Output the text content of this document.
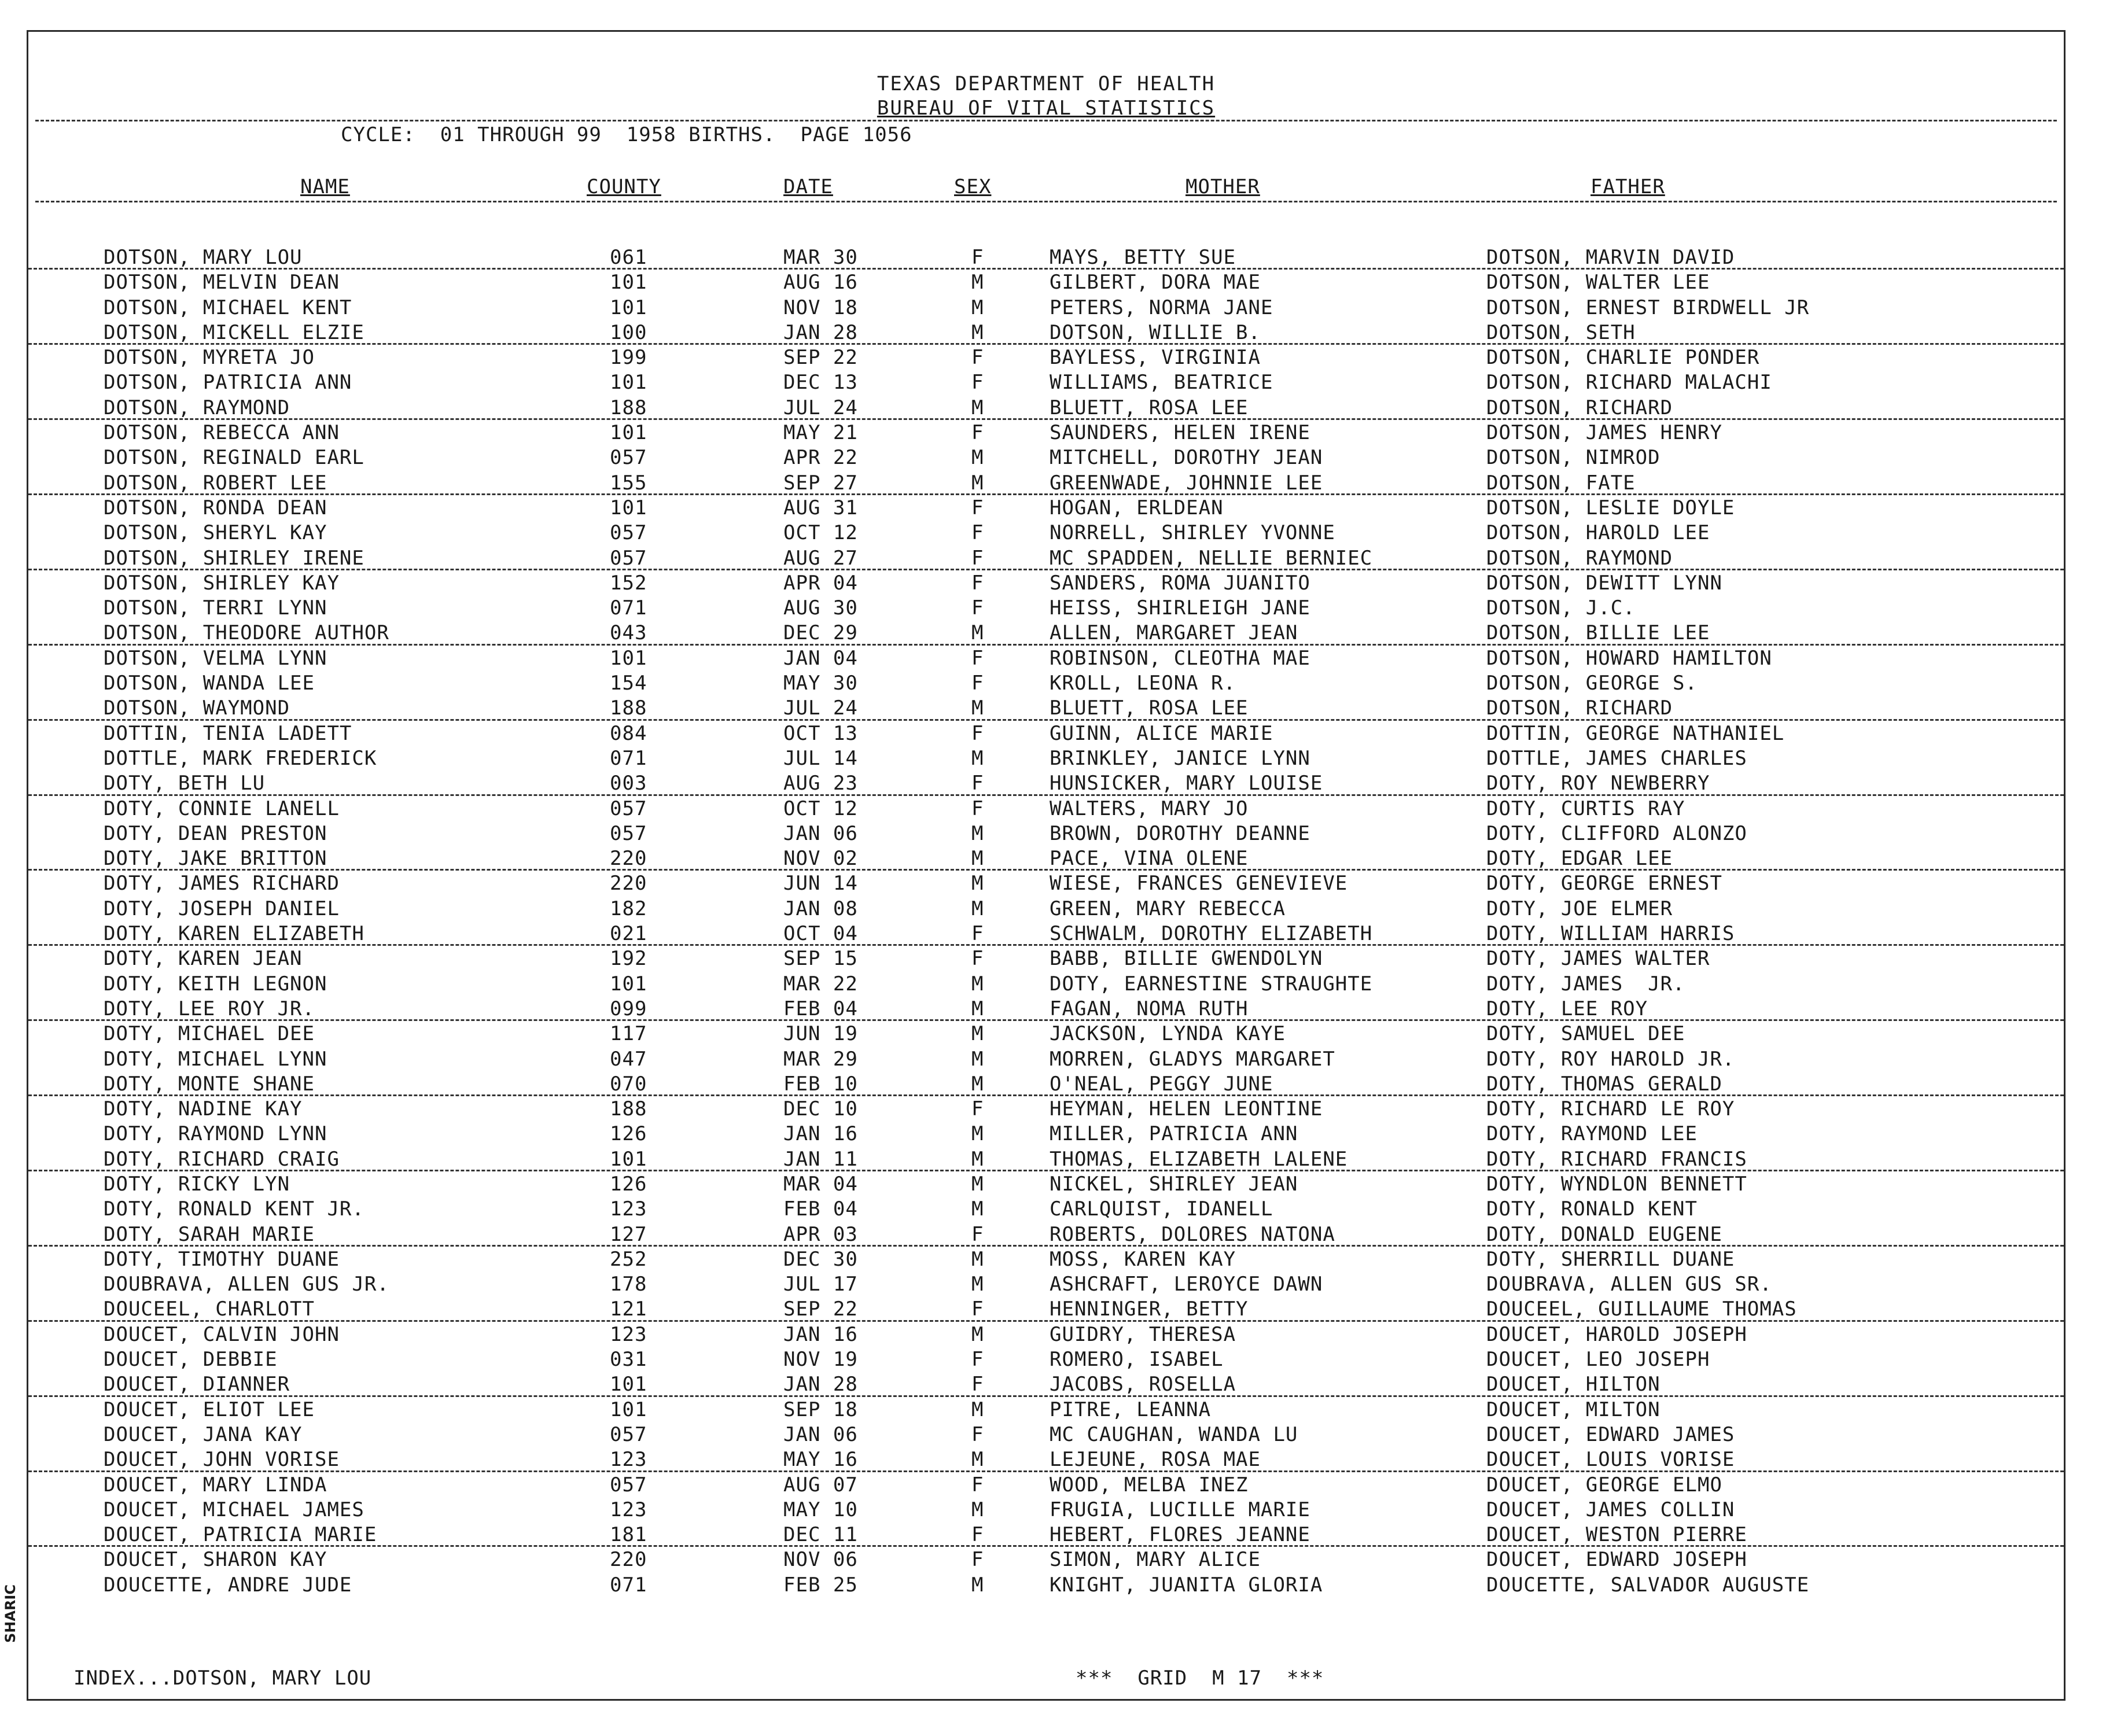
TEXAS DEPARTMENT OF HEALTH
BUREAU OF VITAL STATISTICS
CYCLE:  01 THROUGH 99  1958 BIRTHS.  PAGE 1056
NAME	COUNTY	DATE	SEX	MOTHER	FATHER
DOTSON, MARY LOU	061	MAR 30	F	MAYS, BETTY SUE	DOTSON, MARVIN DAVID
DOTSON, MELVIN DEAN	101	AUG 16	M	GILBERT, DORA MAE	DOTSON, WALTER LEE
DOTSON, MICHAEL KENT	101	NOV 18	M	PETERS, NORMA JANE	DOTSON, ERNEST BIRDWELL JR
DOTSON, MICKELL ELZIE	100	JAN 28	M	DOTSON, WILLIE B.	DOTSON, SETH
DOTSON, MYRETA JO	199	SEP 22	F	BAYLESS, VIRGINIA	DOTSON, CHARLIE PONDER
DOTSON, PATRICIA ANN	101	DEC 13	F	WILLIAMS, BEATRICE	DOTSON, RICHARD MALACHI
DOTSON, RAYMOND	188	JUL 24	M	BLUETT, ROSA LEE	DOTSON, RICHARD
DOTSON, REBECCA ANN	101	MAY 21	F	SAUNDERS, HELEN IRENE	DOTSON, JAMES HENRY
DOTSON, REGINALD EARL	057	APR 22	M	MITCHELL, DOROTHY JEAN	DOTSON, NIMROD
DOTSON, ROBERT LEE	155	SEP 27	M	GREENWADE, JOHNNIE LEE	DOTSON, FATE
DOTSON, RONDA DEAN	101	AUG 31	F	HOGAN, ERLDEAN	DOTSON, LESLIE DOYLE
DOTSON, SHERYL KAY	057	OCT 12	F	NORRELL, SHIRLEY YVONNE	DOTSON, HAROLD LEE
DOTSON, SHIRLEY IRENE	057	AUG 27	F	MC SPADDEN, NELLIE BERNIEC	DOTSON, RAYMOND
DOTSON, SHIRLEY KAY	152	APR 04	F	SANDERS, ROMA JUANITO	DOTSON, DEWITT LYNN
DOTSON, TERRI LYNN	071	AUG 30	F	HEISS, SHIRLEIGH JANE	DOTSON, J.C.
DOTSON, THEODORE AUTHOR	043	DEC 29	M	ALLEN, MARGARET JEAN	DOTSON, BILLIE LEE
DOTSON, VELMA LYNN	101	JAN 04	F	ROBINSON, CLEOTHA MAE	DOTSON, HOWARD HAMILTON
DOTSON, WANDA LEE	154	MAY 30	F	KROLL, LEONA R.	DOTSON, GEORGE S.
DOTSON, WAYMOND	188	JUL 24	M	BLUETT, ROSA LEE	DOTSON, RICHARD
DOTTIN, TENIA LADETT	084	OCT 13	F	GUINN, ALICE MARIE	DOTTIN, GEORGE NATHANIEL
DOTTLE, MARK FREDERICK	071	JUL 14	M	BRINKLEY, JANICE LYNN	DOTTLE, JAMES CHARLES
DOTY, BETH LU	003	AUG 23	F	HUNSICKER, MARY LOUISE	DOTY, ROY NEWBERRY
DOTY, CONNIE LANELL	057	OCT 12	F	WALTERS, MARY JO	DOTY, CURTIS RAY
DOTY, DEAN PRESTON	057	JAN 06	M	BROWN, DOROTHY DEANNE	DOTY, CLIFFORD ALONZO
DOTY, JAKE BRITTON	220	NOV 02	M	PACE, VINA OLENE	DOTY, EDGAR LEE
DOTY, JAMES RICHARD	220	JUN 14	M	WIESE, FRANCES GENEVIEVE	DOTY, GEORGE ERNEST
DOTY, JOSEPH DANIEL	182	JAN 08	M	GREEN, MARY REBECCA	DOTY, JOE ELMER
DOTY, KAREN ELIZABETH	021	OCT 04	F	SCHWALM, DOROTHY ELIZABETH	DOTY, WILLIAM HARRIS
DOTY, KAREN JEAN	192	SEP 15	F	BABB, BILLIE GWENDOLYN	DOTY, JAMES WALTER
DOTY, KEITH LEGNON	101	MAR 22	M	DOTY, EARNESTINE STRAUGHTE	DOTY, JAMES  JR.
DOTY, LEE ROY JR.	099	FEB 04	M	FAGAN, NOMA RUTH	DOTY, LEE ROY
DOTY, MICHAEL DEE	117	JUN 19	M	JACKSON, LYNDA KAYE	DOTY, SAMUEL DEE
DOTY, MICHAEL LYNN	047	MAR 29	M	MORREN, GLADYS MARGARET	DOTY, ROY HAROLD JR.
DOTY, MONTE SHANE	070	FEB 10	M	O'NEAL, PEGGY JUNE	DOTY, THOMAS GERALD
DOTY, NADINE KAY	188	DEC 10	F	HEYMAN, HELEN LEONTINE	DOTY, RICHARD LE ROY
DOTY, RAYMOND LYNN	126	JAN 16	M	MILLER, PATRICIA ANN	DOTY, RAYMOND LEE
DOTY, RICHARD CRAIG	101	JAN 11	M	THOMAS, ELIZABETH LALENE	DOTY, RICHARD FRANCIS
DOTY, RICKY LYN	126	MAR 04	M	NICKEL, SHIRLEY JEAN	DOTY, WYNDLON BENNETT
DOTY, RONALD KENT JR.	123	FEB 04	M	CARLQUIST, IDANELL	DOTY, RONALD KENT
DOTY, SARAH MARIE	127	APR 03	F	ROBERTS, DOLORES NATONA	DOTY, DONALD EUGENE
DOTY, TIMOTHY DUANE	252	DEC 30	M	MOSS, KAREN KAY	DOTY, SHERRILL DUANE
DOUBRAVA, ALLEN GUS JR.	178	JUL 17	M	ASHCRAFT, LEROYCE DAWN	DOUBRAVA, ALLEN GUS SR.
DOUCEEL, CHARLOTT	121	SEP 22	F	HENNINGER, BETTY	DOUCEEL, GUILLAUME THOMAS
DOUCET, CALVIN JOHN	123	JAN 16	M	GUIDRY, THERESA	DOUCET, HAROLD JOSEPH
DOUCET, DEBBIE	031	NOV 19	F	ROMERO, ISABEL	DOUCET, LEO JOSEPH
DOUCET, DIANNER	101	JAN 28	F	JACOBS, ROSELLA	DOUCET, HILTON
DOUCET, ELIOT LEE	101	SEP 18	M	PITRE, LEANNA	DOUCET, MILTON
DOUCET, JANA KAY	057	JAN 06	F	MC CAUGHAN, WANDA LU	DOUCET, EDWARD JAMES
DOUCET, JOHN VORISE	123	MAY 16	M	LEJEUNE, ROSA MAE	DOUCET, LOUIS VORISE
DOUCET, MARY LINDA	057	AUG 07	F	WOOD, MELBA INEZ	DOUCET, GEORGE ELMO
DOUCET, MICHAEL JAMES	123	MAY 10	M	FRUGIA, LUCILLE MARIE	DOUCET, JAMES COLLIN
DOUCET, PATRICIA MARIE	181	DEC 11	F	HEBERT, FLORES JEANNE	DOUCET, WESTON PIERRE
DOUCET, SHARON KAY	220	NOV 06	F	SIMON, MARY ALICE	DOUCET, EDWARD JOSEPH
DOUCETTE, ANDRE JUDE	071	FEB 25	M	KNIGHT, JUANITA GLORIA	DOUCETTE, SALVADOR AUGUSTE
INDEX...DOTSON, MARY LOU	***  GRID  M 17  ***
SHARIC
